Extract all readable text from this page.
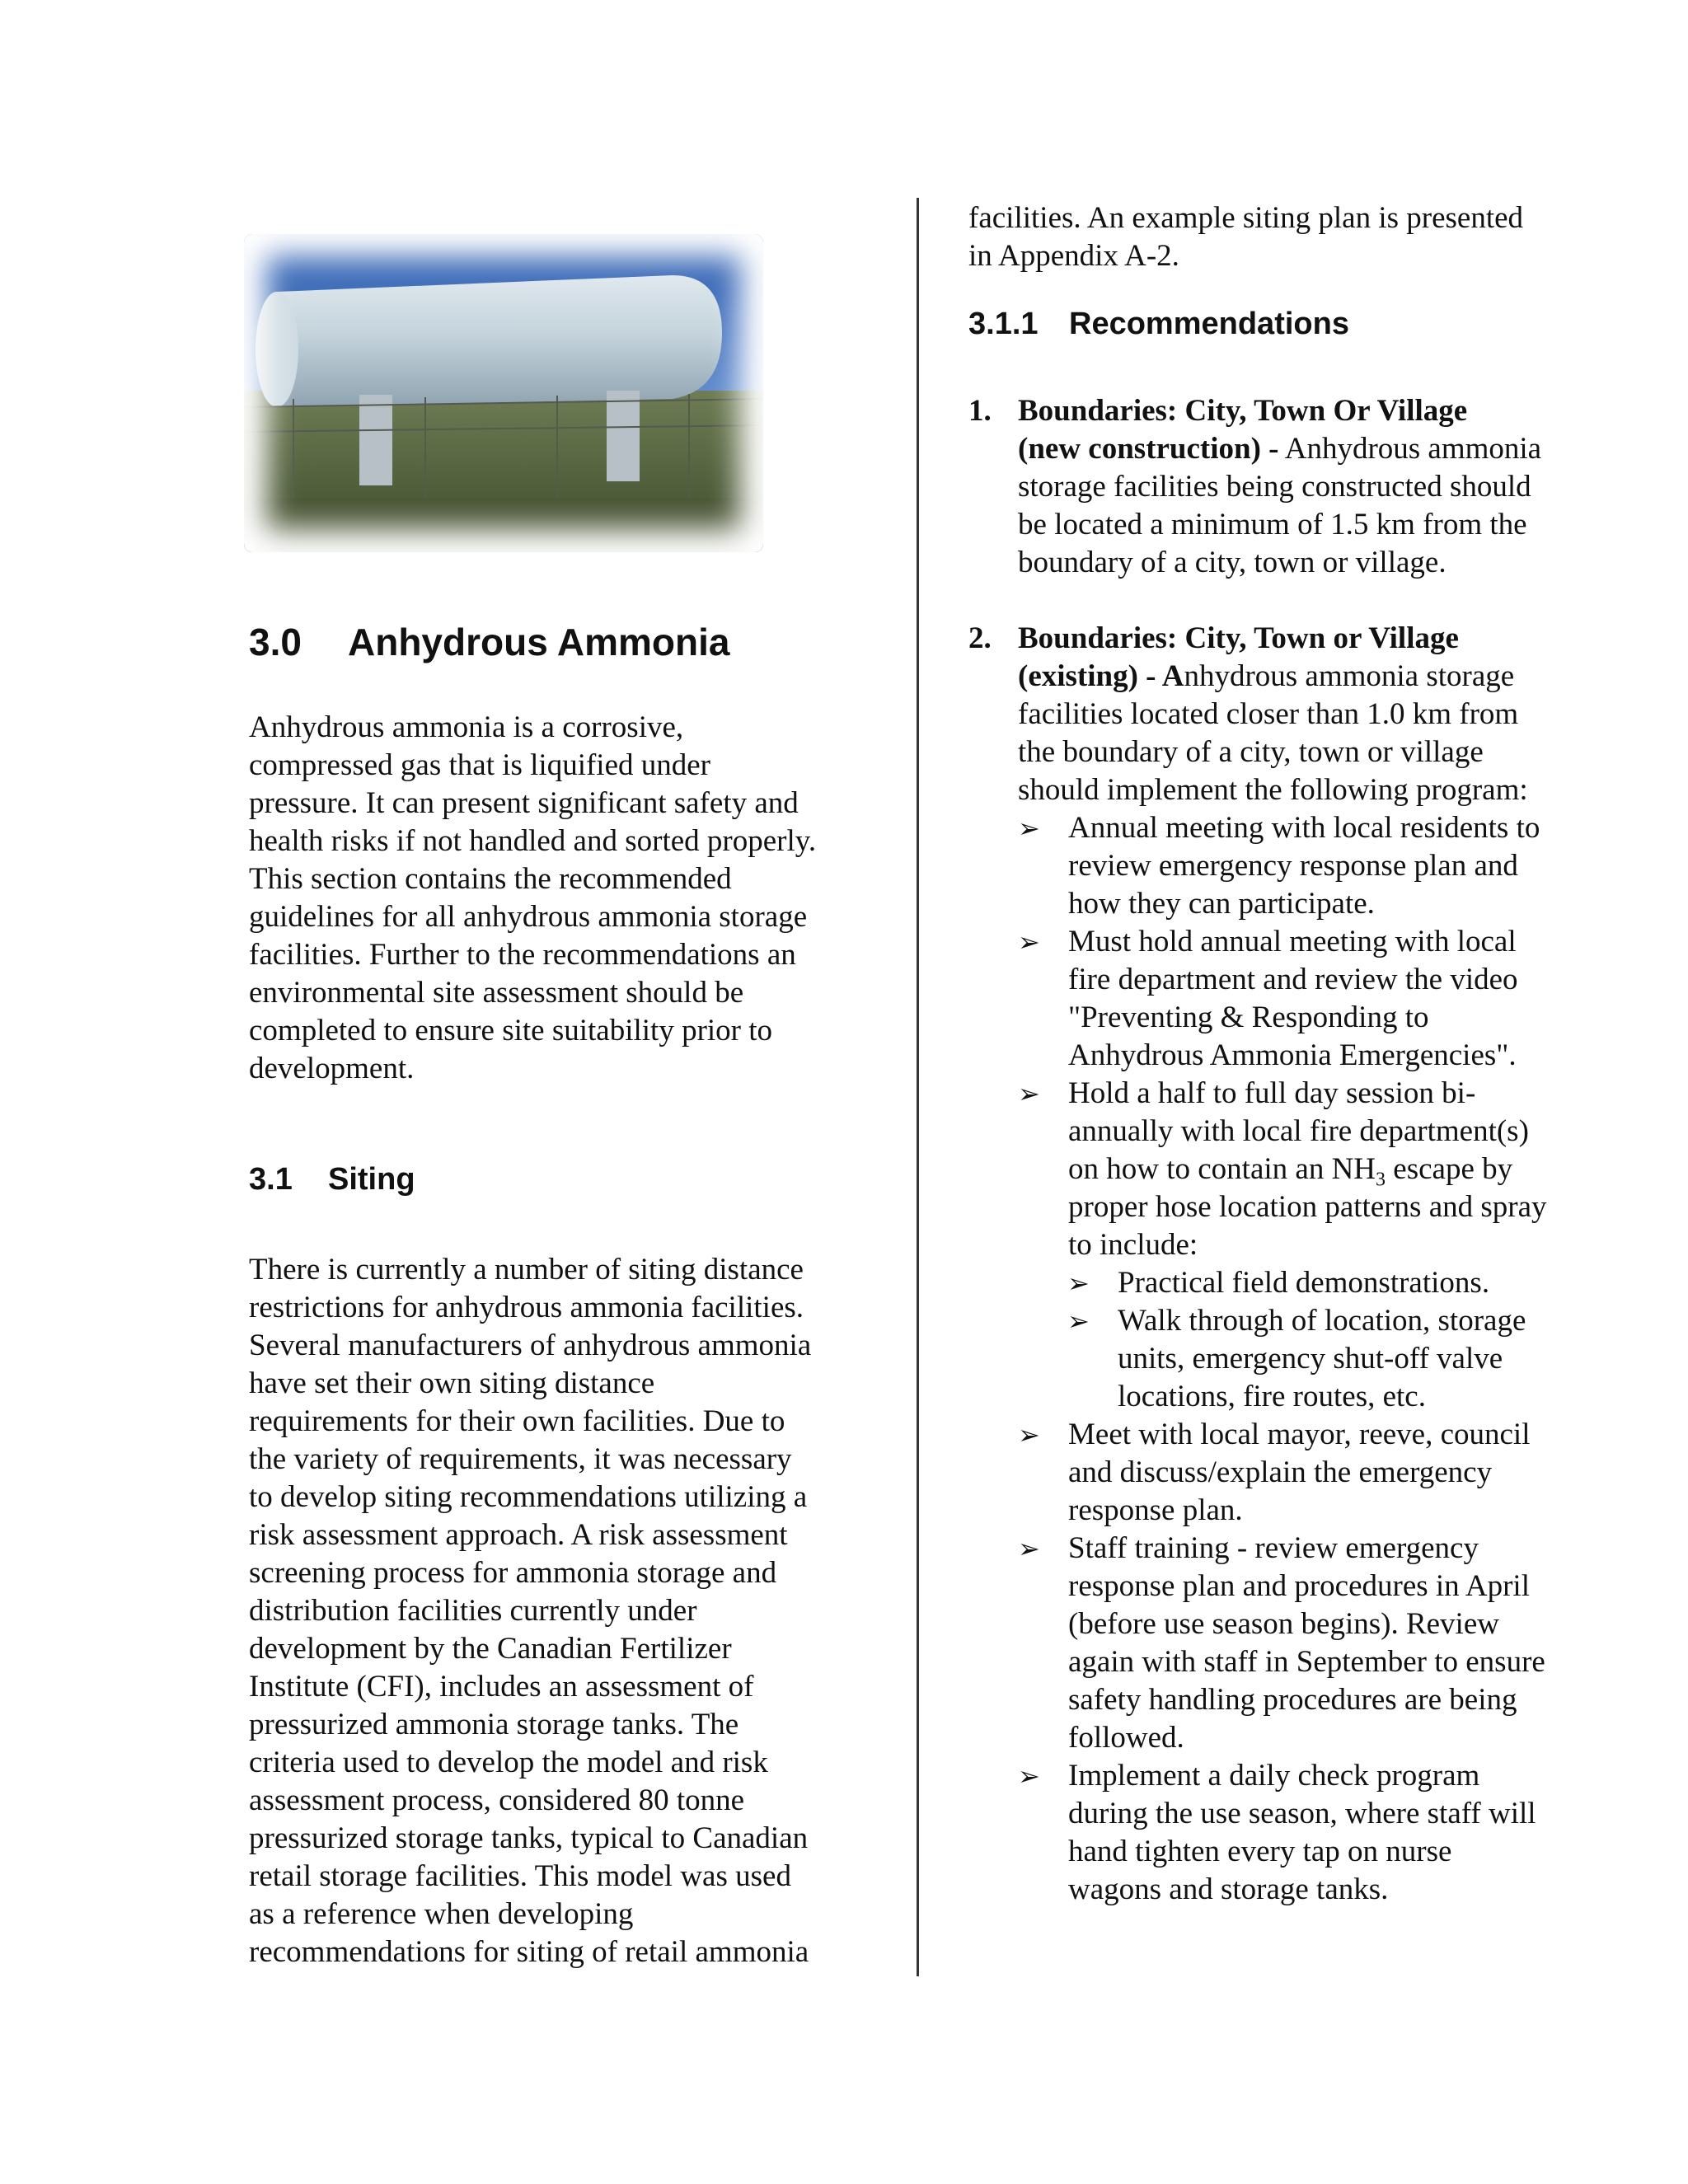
3.0 Anhydrous Ammonia

Anhydrous ammonia is a corrosive,
compressed gas that is liquified under
pressure. It can present significant safety and
health risks if not handled and sorted properly.
This section contains the recommended
guidelines for all anhydrous ammonia storage
facilities. Further to the recommendations an
environmental site assessment should be
completed to ensure site suitability prior to
development.

3.1 Siting

There is currently a number of siting distance
restrictions for anhydrous ammonia facilities.
Several manufacturers of anhydrous ammonia
have set their own siting distance
requirements for their own facilities. Due to
the variety of requirements, it was necessary
to develop siting recommendations utilizing a
risk assessment approach. A risk assessment
screening process for ammonia storage and
distribution facilities currently under
development by the Canadian Fertilizer
Institute (CFI), includes an assessment of
pressurized ammonia storage tanks. The
criteria used to develop the model and risk
assessment process, considered 80 tonne
pressurized storage tanks, typical to Canadian
retail storage facilities. This model was used
as a reference when developing
recommendations for siting of retail ammonia

facilities. An example siting plan is presented
in Appendix A-2.

3.1.1 Recommendations
1. Boundaries: City, Town Or Village
(new construction) - Anhydrous ammonia
storage facilities being constructed should
be located a minimum of 1.5 km from the
boundary of a city, town or village.
2. Boundaries: City, Town or Village
(existing) - Anhydrous ammonia storage
facilities located closer than 1.0 km from
the boundary of a city, town or village
should implement the following program:
➢ Annual meeting with local residents to
review emergency response plan and
how they can participate.
➢ Must hold annual meeting with local
fire department and review the video
"Preventing & Responding to
Anhydrous Ammonia Emergencies".
➢ Hold a half to full day session bi-
annually with local fire department(s)
on how to contain an $NH_3$ escape by
proper hose location patterns and spray
to include:
➢ Practical field demonstrations.
➢ Walk through of location, storage
units, emergency shut-off valve
locations, fire routes, etc.
➢ Meet with local mayor, reeve, council
and discuss/explain the emergency
response plan.
➢ Staff training - review emergency
response plan and procedures in April
(before use season begins). Review
again with staff in September to ensure
safety handling procedures are being
followed.
➢ Implement a daily check program
during the use season, where staff will
hand tighten every tap on nurse
wagons and storage tanks.
